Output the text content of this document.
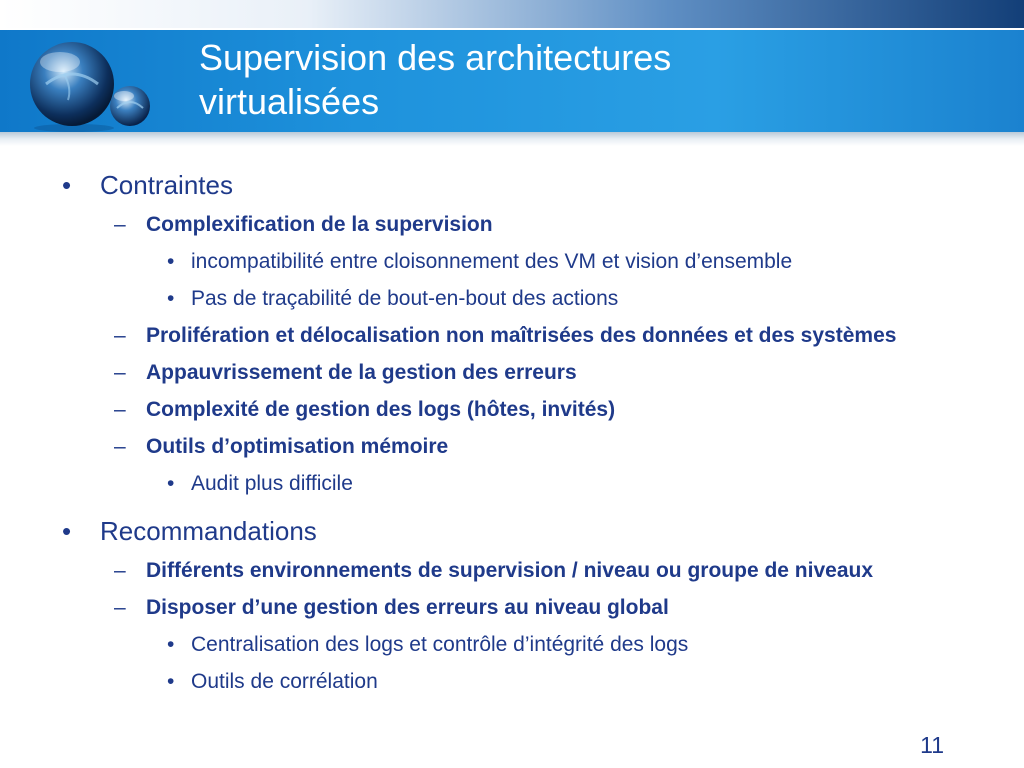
Supervision des architectures
virtualisées
• Contraintes
– Complexification de la supervision
• incompatibilité entre cloisonnement des VM et vision d’ensemble
• Pas de traçabilité de bout-en-bout des actions
– Prolifération et délocalisation non maîtrisées des données et des systèmes
– Appauvrissement de la gestion des erreurs
– Complexité de gestion des logs (hôtes, invités)
– Outils d’optimisation mémoire
• Audit plus difficile
• Recommandations
– Différents environnements de supervision / niveau ou groupe de niveaux
– Disposer d’une gestion des erreurs au niveau global
• Centralisation des logs et contrôle d’intégrité des logs
• Outils de corrélation
11
